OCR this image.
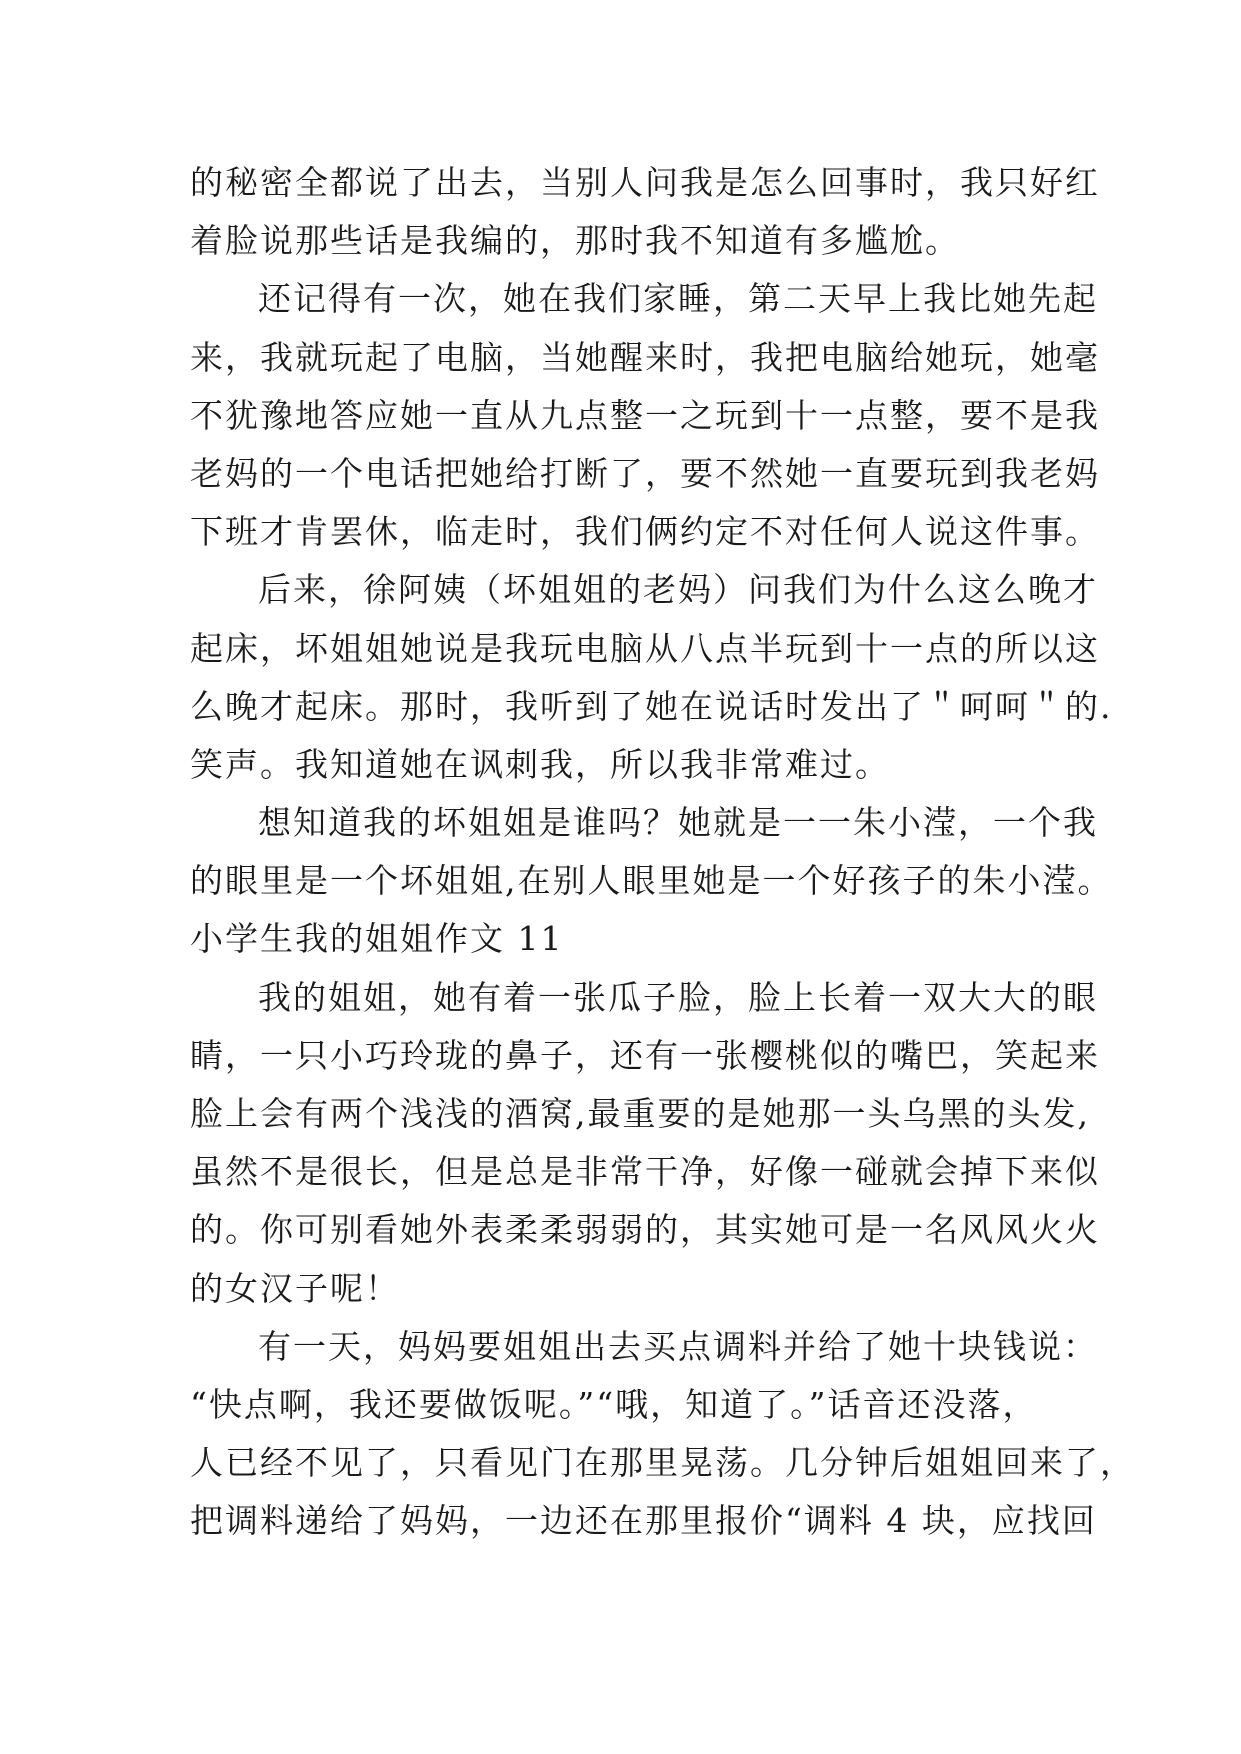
的秘密全都说了出去，当别人问我是怎么回事时，我只好红
着脸说那些话是我编的，那时我不知道有多尴尬。
还记得有一次，她在我们家睡，第二天早上我比她先起
来，我就玩起了电脑，当她醒来时，我把电脑给她玩，她毫
不犹豫地答应她一直从九点整一之玩到十一点整，要不是我
老妈的一个电话把她给打断了，要不然她一直要玩到我老妈
下班才肯罢休，临走时，我们俩约定不对任何人说这件事。
后来，徐阿姨（坏姐姐的老妈）问我们为什么这么晚才
起床，坏姐姐她说是我玩电脑从八点半玩到十一点的所以这
么晚才起床。那时，我听到了她在说话时发出了＂呵呵＂的.
笑声。我知道她在讽刺我，所以我非常难过。
想知道我的坏姐姐是谁吗？她就是一一朱小滢，一个我
的眼里是一个坏姐姐,在别人眼里她是一个好孩子的朱小滢。
小学生我的姐姐作文 11
我的姐姐，她有着一张瓜子脸，脸上长着一双大大的眼
睛，一只小巧玲珑的鼻子，还有一张樱桃似的嘴巴，笑起来
脸上会有两个浅浅的酒窝,最重要的是她那一头乌黑的头发,
虽然不是很长，但是总是非常干净，好像一碰就会掉下来似
的。你可别看她外表柔柔弱弱的，其实她可是一名风风火火
的女汉子呢！
有一天，妈妈要姐姐出去买点调料并给了她十块钱说：
“快点啊，我还要做饭呢。”“哦，知道了。”话音还没落，
人已经不见了，只看见门在那里晃荡。几分钟后姐姐回来了，
把调料递给了妈妈，一边还在那里报价“调料 4 块，应找回
